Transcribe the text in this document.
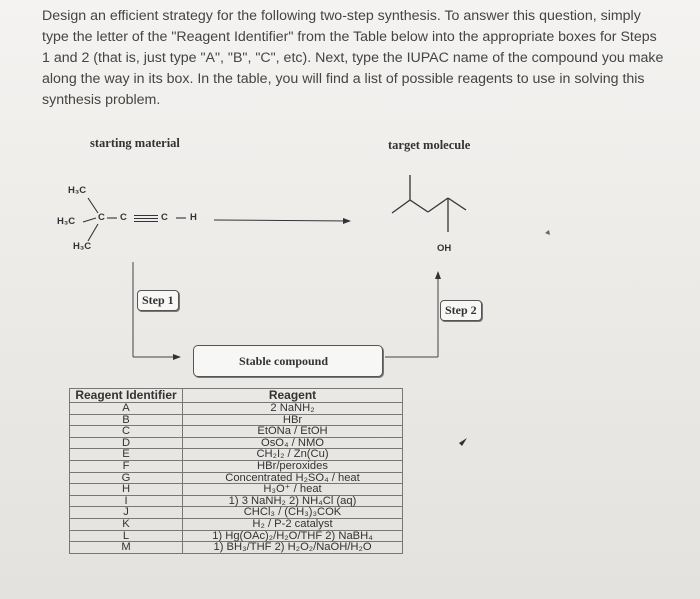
Design an efficient strategy for the following two-step synthesis. To answer this question, simply
type the letter of the "Reagent Identifier" from the Table below into the appropriate boxes for Steps
1 and 2 (that is, just type "A", "B", "C", etc). Next, type the IUPAC name of the compound you make
along the way in its box. In the table, you will find a list of possible reagents to use in solving this
synthesis problem.
starting material	target molecule
H₃C
H₃C
H₃C
C C	C H
OH
Step 1
Step 2
Stable compound
Reagent Identifier	Reagent
A	2 NaNH₂
B	HBr
C	EtONa / EtOH
D	OsO₄ / NMO
E	CH₂I₂ / Zn(Cu)
F	HBr/peroxides
G	Concentrated H₂SO₄ / heat
H	H₃O⁺ / heat
I	1) 3 NaNH₂ 2) NH₄Cl (aq)
J	CHCl₃ / (CH₃)₃COK
K	H₂ / P-2 catalyst
L	1) Hg(OAc)₂/H₂O/THF 2) NaBH₄
M	1) BH₃/THF 2) H₂O₂/NaOH/H₂O
